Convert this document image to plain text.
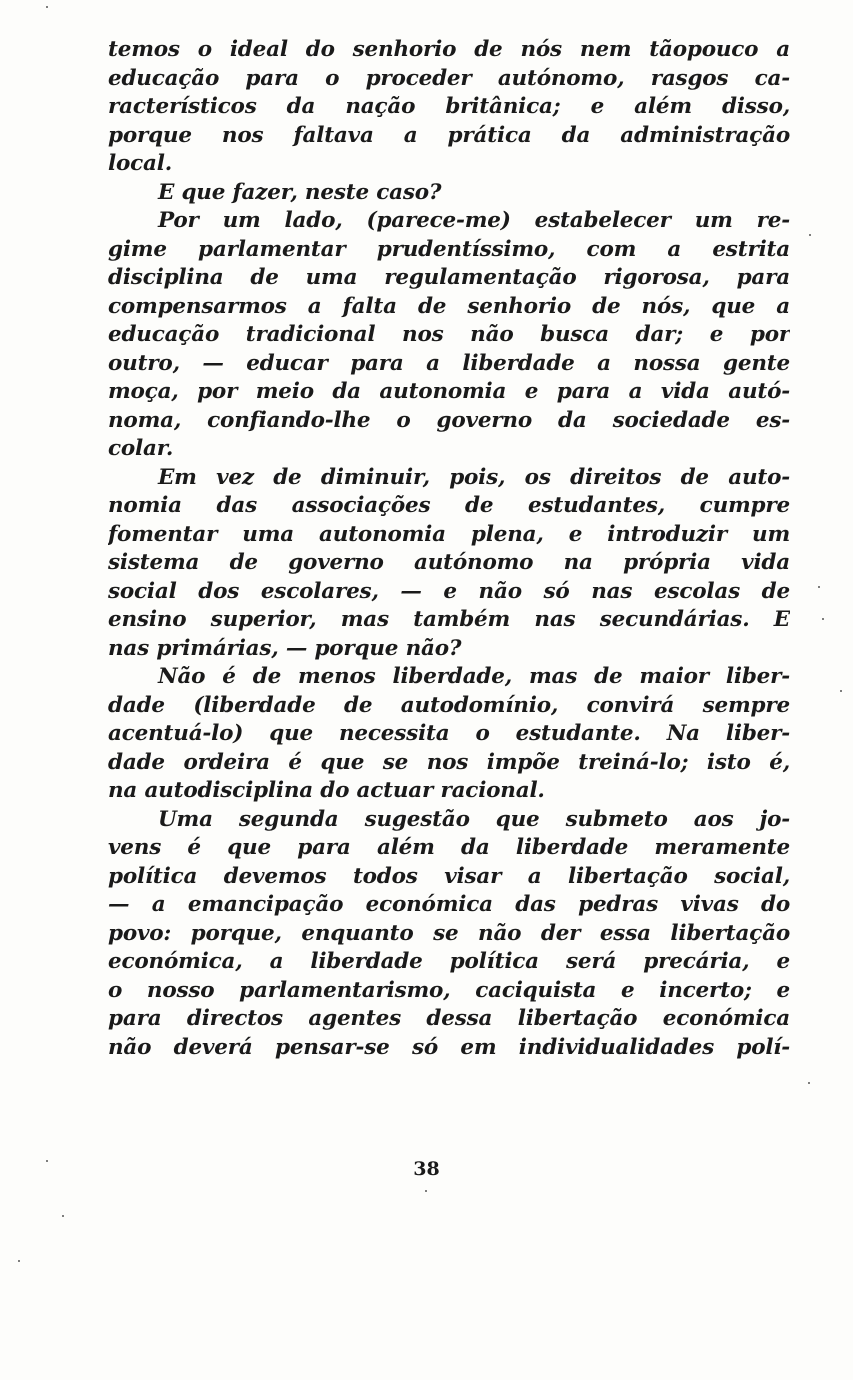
temos o ideal do senhorio de nós nem tãopouco a
educação para o proceder autónomo, rasgos ca-
racterísticos da nação britânica; e além disso,
porque nos faltava a prática da administração
local.
E que fazer, neste caso?
Por um lado, (parece-me) estabelecer um re-
gime parlamentar prudentíssimo, com a estrita
disciplina de uma regulamentação rigorosa, para
compensarmos a falta de senhorio de nós, que a
educação tradicional nos não busca dar; e por
outro, — educar para a liberdade a nossa gente
moça, por meio da autonomia e para a vida autó-
noma, confiando-lhe o governo da sociedade es-
colar.
Em vez de diminuir, pois, os direitos de auto-
nomia das associações de estudantes, cumpre
fomentar uma autonomia plena, e introduzir um
sistema de governo autónomo na própria vida
social dos escolares, — e não só nas escolas de
ensino superior, mas também nas secundárias. E
nas primárias, — porque não?
Não é de menos liberdade, mas de maior liber-
dade (liberdade de autodomínio, convirá sempre
acentuá-lo) que necessita o estudante. Na liber-
dade ordeira é que se nos impõe treiná-lo; isto é,
na autodisciplina do actuar racional.
Uma segunda sugestão que submeto aos jo-
vens é que para além da liberdade meramente
política devemos todos visar a libertação social,
— a emancipação económica das pedras vivas do
povo: porque, enquanto se não der essa libertação
económica, a liberdade política será precária, e
o nosso parlamentarismo, caciquista e incerto; e
para directos agentes dessa libertação económica
não deverá pensar-se só em individualidades polí-
38
